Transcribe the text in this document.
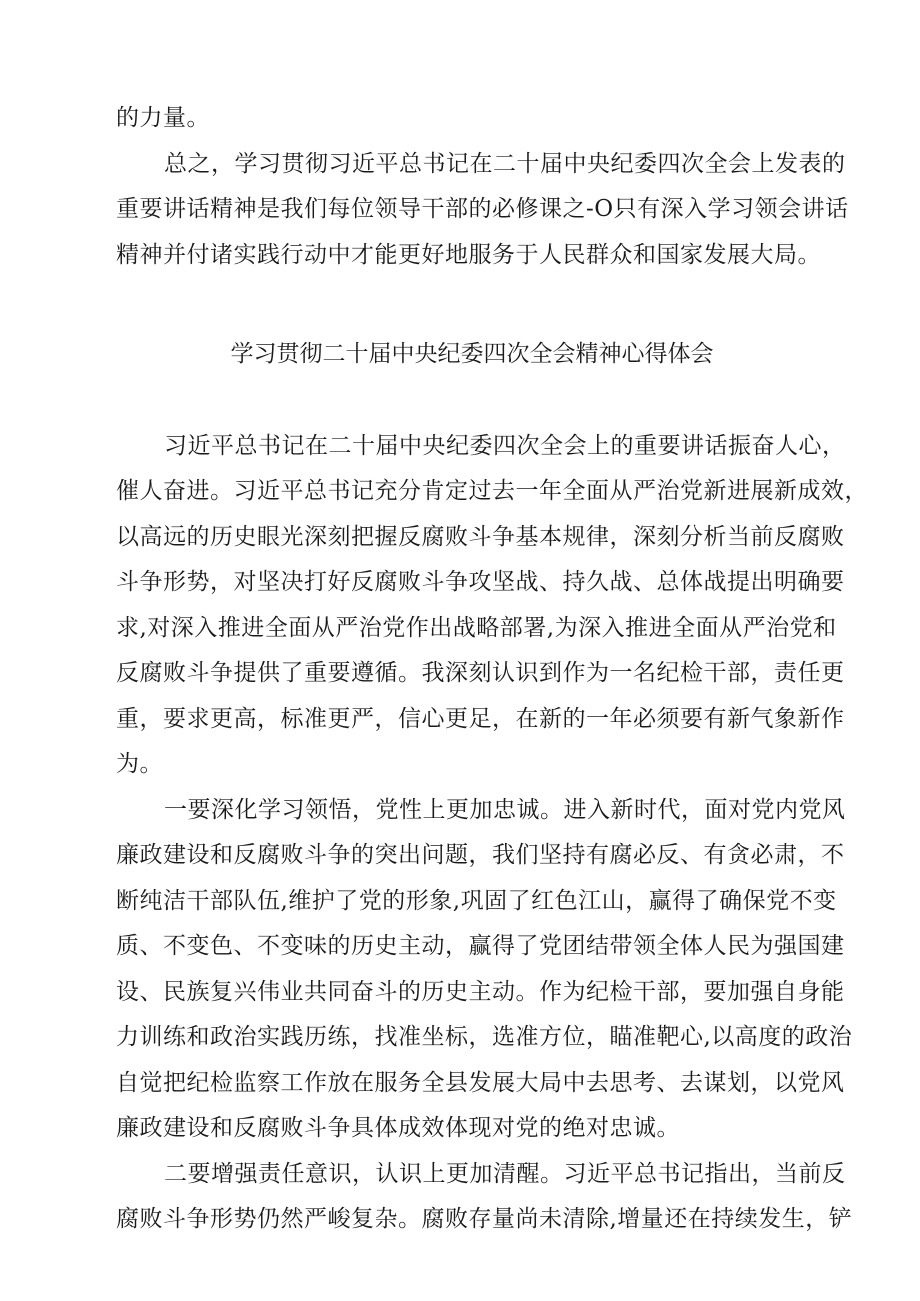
的力量。
总之，学习贯彻习近平总书记在二十届中央纪委四次全会上发表的
重要讲话精神是我们每位领导干部的必修课之-O只有深入学习领会讲话
精神并付诸实践行动中才能更好地服务于人民群众和国家发展大局。
学习贯彻二十届中央纪委四次全会精神心得体会
习近平总书记在二十届中央纪委四次全会上的重要讲话振奋人心，
催人奋进。习近平总书记充分肯定过去一年全面从严治党新进展新成效，
以高远的历史眼光深刻把握反腐败斗争基本规律，深刻分析当前反腐败
斗争形势，对坚决打好反腐败斗争攻坚战、持久战、总体战提出明确要
求,对深入推进全面从严治党作出战略部署,为深入推进全面从严治党和
反腐败斗争提供了重要遵循。我深刻认识到作为一名纪检干部，责任更
重，要求更高，标准更严，信心更足，在新的一年必须要有新气象新作
为。
一要深化学习领悟，党性上更加忠诚。进入新时代，面对党内党风
廉政建设和反腐败斗争的突出问题，我们坚持有腐必反、有贪必肃，不
断纯洁干部队伍,维护了党的形象,巩固了红色江山，赢得了确保党不变
质、不变色、不变味的历史主动，赢得了党团结带领全体人民为强国建
设、民族复兴伟业共同奋斗的历史主动。作为纪检干部，要加强自身能
力训练和政治实践历练，找准坐标，选准方位，瞄准靶心,以高度的政治
自觉把纪检监察工作放在服务全县发展大局中去思考、去谋划，以党风
廉政建设和反腐败斗争具体成效体现对党的绝对忠诚。
二要增强责任意识，认识上更加清醒。习近平总书记指出，当前反
腐败斗争形势仍然严峻复杂。腐败存量尚未清除,增量还在持续发生，铲
